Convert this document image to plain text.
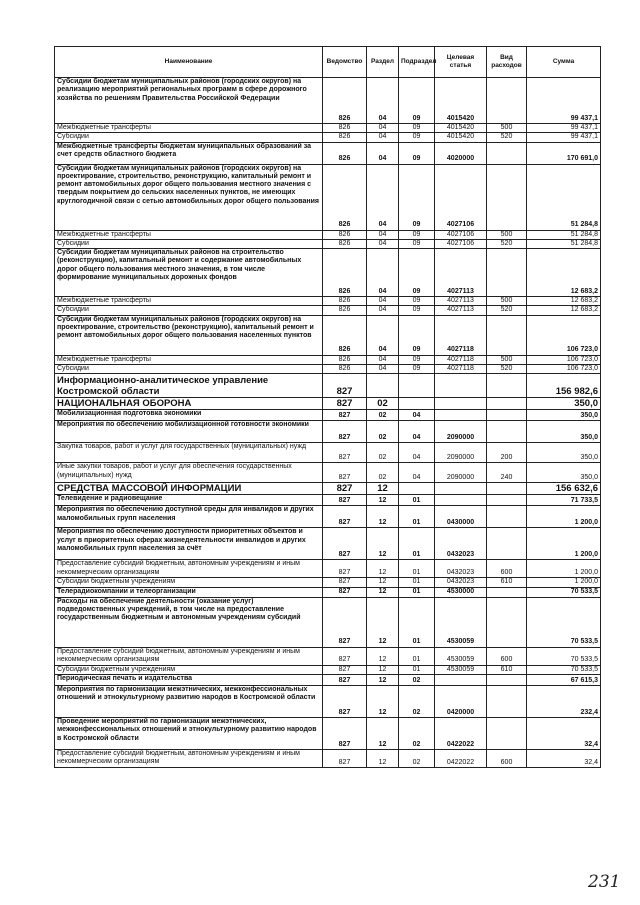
Наименование	Ведомство	Раздел	Подраздел	Целевая статья	Вид расходов	Сумма
Субсидии бюджетам муниципальных районов (городских округов) на реализацию мероприятий региональных программ в сфере дорожного хозяйства по решениям Правительства Российской Федерации	826	04	09	4015420		99 437,1
Межбюджетные трансферты	826	04	09	4015420	500	99 437,1
Субсидии	826	04	09	4015420	520	99 437,1
Межбюджетные трансферты бюджетам муниципальных образований за счет средств областного бюджета	826	04	09	4020000		170 691,0
Субсидии бюджетам муниципальных районов (городских округов) на проектирование, строительство, реконструкцию, капитальный ремонт и ремонт автомобильных дорог общего пользования местного значения с твердым покрытием до сельских населенных пунктов, не имеющих круглогодичной связи с сетью автомобильных дорог общего пользования	826	04	09	4027106		51 284,8
Межбюджетные трансферты	826	04	09	4027106	500	51 284,8
Субсидии	826	04	09	4027106	520	51 284,8
Субсидии бюджетам муниципальных районов на строительство (реконструкцию), капитальный ремонт и содержание автомобильных дорог общего пользования местного значения, в том числе формирование муниципальных дорожных фондов	826	04	09	4027113		12 683,2
Межбюджетные трансферты	826	04	09	4027113	500	12 683,2
Субсидии	826	04	09	4027113	520	12 683,2
Субсидии бюджетам муниципальных районов (городских округов) на проектирование, строительство (реконструкцию), капитальный ремонт и ремонт автомобильных дорог общего пользования населенных пунктов	826	04	09	4027118		106 723,0
Межбюджетные трансферты	826	04	09	4027118	500	106 723,0
Субсидии	826	04	09	4027118	520	106 723,0
Информационно-аналитическое управление Костромской области	827					156 982,6
НАЦИОНАЛЬНАЯ ОБОРОНА	827	02				350,0
Мобилизационная подготовка экономики	827	02	04			350,0
Мероприятия по обеспечению мобилизационной готовности экономики	827	02	04	2090000		350,0
Закупка товаров, работ и услуг для государственных (муниципальных) нужд	827	02	04	2090000	200	350,0
Иные закупки товаров, работ и услуг для обеспечения государственных (муниципальных) нужд	827	02	04	2090000	240	350,0
СРЕДСТВА МАССОВОЙ ИНФОРМАЦИИ	827	12				156 632,6
Телевидение и радиовещание	827	12	01			71 733,5
Мероприятия по обеспечению доступной среды для инвалидов и других маломобильных групп населения	827	12	01	0430000		1 200,0
Мероприятия по обеспечению доступности приоритетных объектов и услуг в приоритетных сферах жизнедеятельности инвалидов и других маломобильных групп населения за счёт	827	12	01	0432023		1 200,0
Предоставление субсидий бюджетным, автономным учреждениям и иным некоммерческим организациям	827	12	01	0432023	600	1 200,0
Субсидии бюджетным учреждениям	827	12	01	0432023	610	1 200,0
Телерадиокомпании и телеорганизации	827	12	01	4530000		70 533,5
Расходы на обеспечение деятельности (оказание услуг) подведомственных учреждений, в том числе на предоставление государственным бюджетным и автономным учреждениям субсидий	827	12	01	4530059		70 533,5
Предоставление субсидий бюджетным, автономным учреждениям и иным некоммерческим организациям	827	12	01	4530059	600	70 533,5
Субсидии бюджетным учреждениям	827	12	01	4530059	610	70 533,5
Периодическая печать и издательства	827	12	02			67 615,3
Мероприятия по гармонизации межэтнических, межконфессиональных отношений и этнокультурному развитию народов в Костромской области	827	12	02	0420000		232,4
Проведение мероприятий по гармонизации межэтнических, межконфессиональных отношений и этнокультурному развитию народов в Костромской области	827	12	02	0422022		32,4
Предоставление субсидий бюджетным, автономным учреждениям и иным некоммерческим организациям	827	12	02	0422022	600	32,4
231
